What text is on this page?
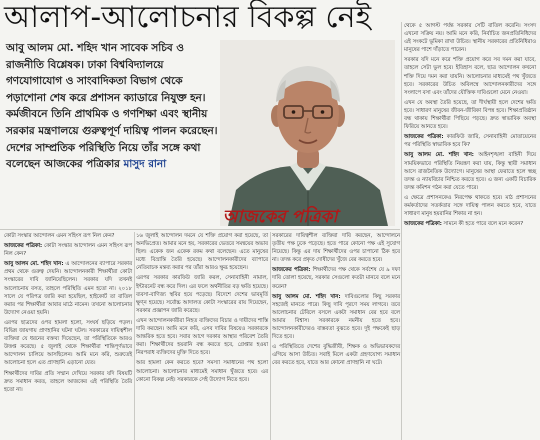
আলাপ-আলোচনার বিকল্প নেই
আবু আলম মো. শহিদ খান সাবেক সচিব ও রাজনীতি বিশ্লেষক। ঢাকা বিশ্ববিদ্যালয়ে গণযোগাযোগ ও সাংবাদিকতা বিভাগ থেকে পড়াশোনা শেষ করে প্রশাসন ক্যাডারে নিযুক্ত হন। কর্মজীবনে তিনি প্রাথমিক ও গণশিক্ষা এবং স্থানীয় সরকার মন্ত্রণালয়ে গুরুত্বপূর্ণ দায়িত্ব পালন করেছেন। দেশের সাম্প্রতিক পরিস্থিতি নিয়ে তাঁর সঙ্গে কথা বলেছেন আজকের পত্রিকার মাসুদ রানা
আজকের পত্রিকা

কোটা সংস্কার আন্দোলন এমন সহিংস রূপ নিল কেন?

আজকের পত্রিকা: কোটা সংস্কার আন্দোলন এমন সহিংস রূপ নিল কেন?

আবু আলম মো. শহিদ খান: এ আন্দোলনের ব্যাপারে সরকার প্রথম থেকে গুরুত্ব দেয়নি। আন্দোলনকারী শিক্ষার্থীরা কোটা সংস্কারের দাবি জানিয়েছিলেন। সরকার যদি তখনই আলোচনায় বসত, তাহলে পরিস্থিতি এমন হতো না। ২০১৮ সালে যে পরিপত্র জারি করা হয়েছিল, হাইকোর্ট তা বাতিল করার পর শিক্ষার্থীরা আবার মাঠে নামেন। তখনো আলোচনার উদ্যোগ নেওয়া হয়নি।

এরপর ছাত্রদের ওপর হামলা হলো, সংঘর্ষ ছড়িয়ে পড়ল। বিভিন্ন জায়গায় প্রাণহানির ঘটনা ঘটল। সরকারের দায়িত্বশীল ব্যক্তিরা যে ধরনের বক্তব্য দিয়েছেন, তা পরিস্থিতিকে আরও উত্তপ্ত করেছে। ৫ জুলাই থেকে শিক্ষার্থীরা শান্তিপূর্ণভাবে আন্দোলন চালিয়ে আসছিলেন। আমি মনে করি, শুরুতেই আলোচনা হলে এত প্রাণহানি এড়ানো যেত।

শিক্ষার্থীদের দাবির প্রতি সম্মান দেখিয়ে সরকার যদি বিষয়টি দ্রুত সমাধান করত, তাহলে আজকের এই পরিস্থিতি তৈরি হতো না।

১৬ জুলাই আন্দোলন দমনে যে শক্তি প্রয়োগ করা হয়েছে, তা অনভিপ্রেত। আমার মনে হয়, সরকারের ভেতরে সমন্বয়ের অভাব ছিল। একেক জন একেক রকম কথা বলেছেন। এতে মানুষের মধ্যে বিভ্রান্তি তৈরি হয়েছে। আন্দোলনকারীদের ব্যাপারে নেতিবাচক মন্তব্য করার পর তাঁরা আরও ক্ষুব্ধ হয়েছেন।

এরপর সরকার কারফিউ জারি করল, সেনাবাহিনী নামাল, ইন্টারনেট বন্ধ করে দিল। এর ফলে অর্থনীতির বড় ক্ষতি হয়েছে। ব্যবসা-বাণিজ্য স্থবির হয়ে পড়েছে। বিদেশে দেশের ভাবমূর্তি ক্ষুণ্ন হয়েছে। সর্বোচ্চ আদালত কোটা সংস্কারের রায় দিয়েছেন, সরকার প্রজ্ঞাপন জারি করেছে।

এখন আন্দোলনকারীরা নিহত ব্যক্তিদের বিচার ও দায়ীদের শাস্তি দাবি করছেন। আমি মনে করি, এসব দাবির বিষয়েও সরকারকে আন্তরিক হতে হবে। সবার আগে দরকার আস্থার পরিবেশ তৈরি করা। শিক্ষার্থীদের হয়রানি বন্ধ করতে হবে, গ্রেপ্তার হওয়া নিরপরাধ ব্যক্তিদের মুক্তি দিতে হবে।

আর হামলা কেন করতে হবে? সমস্যা সমাধানের পথ হলো আলোচনা। আলোচনার মাধ্যমেই সমাধান খুঁজতে হবে। এর কোনো বিকল্প নেই। সরকারকে সেই উদ্যোগ নিতে হবে।

সরকারের দায়িত্বশীল ব্যক্তিরা দাবি করছেন, আন্দোলনে তৃতীয় পক্ষ ঢুকে পড়েছে। হতে পারে কোনো পক্ষ এই সুযোগ নিয়েছে। কিন্তু এর দায় শিক্ষার্থীদের ওপর চাপানো ঠিক হবে না। তদন্ত করে প্রকৃত দোষীদের খুঁজে বের করতে হবে।

আজকের পত্রিকা: শিক্ষার্থীদের পক্ষ থেকে সর্বশেষ যে ৯ দফা দাবি তোলা হয়েছে, সরকার সেগুলো কতটা মানবে বলে মনে করেন?

আবু আলম মো. শহিদ খান: দাবিগুলোর কিছু সরকার সহজেই মানতে পারে। কিছু দাবি পূরণে সময় লাগবে। তবে আলোচনার টেবিলে বসলে একটা সমাধান বের হবে বলে আমার বিশ্বাস। সরকারকে নমনীয় হতে হবে। আন্দোলনকারীদেরও বাস্তবতা বুঝতে হবে। দুই পক্ষকেই ছাড় দিতে হবে।

এ পরিস্থিতিতে দেশের বুদ্ধিজীবী, শিক্ষক ও অভিভাবকদের এগিয়ে আসা উচিত। সবাই মিলে একটা গ্রহণযোগ্য সমাধান বের করতে হবে, যাতে আর কোনো প্রাণহানি না ঘটে।

থেকে ৫ আগস্ট পর্যন্ত সরকার সেটি বাতিল করেনি। সংসদ এখনো সক্রিয় নয়। আমি মনে করি, নির্বাচিত জনপ্রতিনিধিদের এই সংকটে ভূমিকা রাখা উচিত। স্থানীয় সরকারের প্রতিনিধিরাও মানুষের পাশে দাঁড়াতে পারেন।

সরকার যদি মনে করে শক্তি প্রয়োগ করে সব দমন করা যাবে, তাহলে সেটা ভুল হবে। ইতিহাস বলে, ছাত্র আন্দোলন কখনো শক্তি দিয়ে দমন করা যায়নি। আলোচনার মাধ্যমেই পথ খুঁজতে হবে। সরকারের উচিত অবিলম্বে আন্দোলনকারীদের সঙ্গে সংলাপে বসা এবং তাঁদের যৌক্তিক দাবিগুলো মেনে নেওয়া।

এখন যে অবস্থা তৈরি হয়েছে, তা দীর্ঘস্থায়ী হলে দেশের ক্ষতি হবে। সাধারণ মানুষের জীবন-জীবিকা বিপন্ন হবে। শিক্ষাপ্রতিষ্ঠান বন্ধ থাকায় শিক্ষার্থীরা পিছিয়ে পড়ছে। দ্রুত স্বাভাবিক অবস্থা ফিরিয়ে আনতে হবে।

আজকের পত্রিকা: কারফিউ জারি, সেনাবাহিনী মোতায়েনের পর পরিস্থিতি স্বাভাবিক হবে কি?

আবু আলম মো. শহিদ খান: আইনশৃঙ্খলা বাহিনী দিয়ে সাময়িকভাবে পরিস্থিতি নিয়ন্ত্রণ করা যায়, কিন্তু স্থায়ী সমাধান আসে রাজনৈতিক উদ্যোগে। মানুষের আস্থা ফেরাতে হলে স্বচ্ছ তদন্ত ও ন্যায়বিচার নিশ্চিত করতে হবে। এ জন্য একটি বিচারিক তদন্ত কমিশন গঠন করা যেতে পারে।

এ ক্ষেত্রে প্রশাসনকেও নিরপেক্ষ থাকতে হবে। মাঠ প্রশাসনের কর্মকর্তাদের সতর্কতার সঙ্গে দায়িত্ব পালন করতে হবে, যাতে সাধারণ মানুষ হয়রানির শিকার না হন।

আজকের পত্রিকা: সামনে কী হতে পারে বলে মনে করেন?
